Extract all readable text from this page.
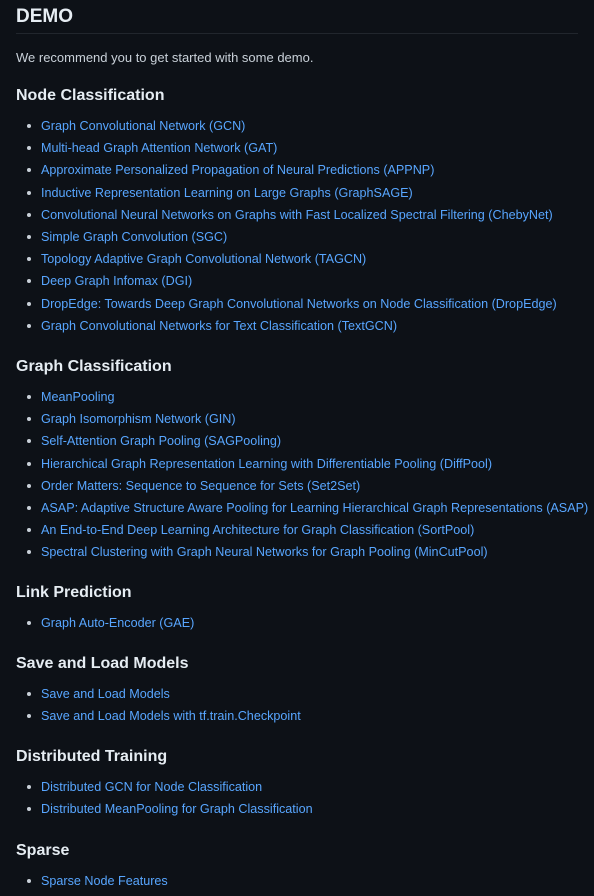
DEMO

We recommend you to get started with some demo.

Node Classification
Graph Convolutional Network (GCN)
Multi-head Graph Attention Network (GAT)
Approximate Personalized Propagation of Neural Predictions (APPNP)
Inductive Representation Learning on Large Graphs (GraphSAGE)
Convolutional Neural Networks on Graphs with Fast Localized Spectral Filtering (ChebyNet)
Simple Graph Convolution (SGC)
Topology Adaptive Graph Convolutional Network (TAGCN)
Deep Graph Infomax (DGI)
DropEdge: Towards Deep Graph Convolutional Networks on Node Classification (DropEdge)
Graph Convolutional Networks for Text Classification (TextGCN)
Graph Classification
MeanPooling
Graph Isomorphism Network (GIN)
Self-Attention Graph Pooling (SAGPooling)
Hierarchical Graph Representation Learning with Differentiable Pooling (DiffPool)
Order Matters: Sequence to Sequence for Sets (Set2Set)
ASAP: Adaptive Structure Aware Pooling for Learning Hierarchical Graph Representations (ASAP)
An End-to-End Deep Learning Architecture for Graph Classification (SortPool)
Spectral Clustering with Graph Neural Networks for Graph Pooling (MinCutPool)
Link Prediction
Graph Auto-Encoder (GAE)
Save and Load Models
Save and Load Models
Save and Load Models with tf.train.Checkpoint
Distributed Training
Distributed GCN for Node Classification
Distributed MeanPooling for Graph Classification
Sparse
Sparse Node Features
